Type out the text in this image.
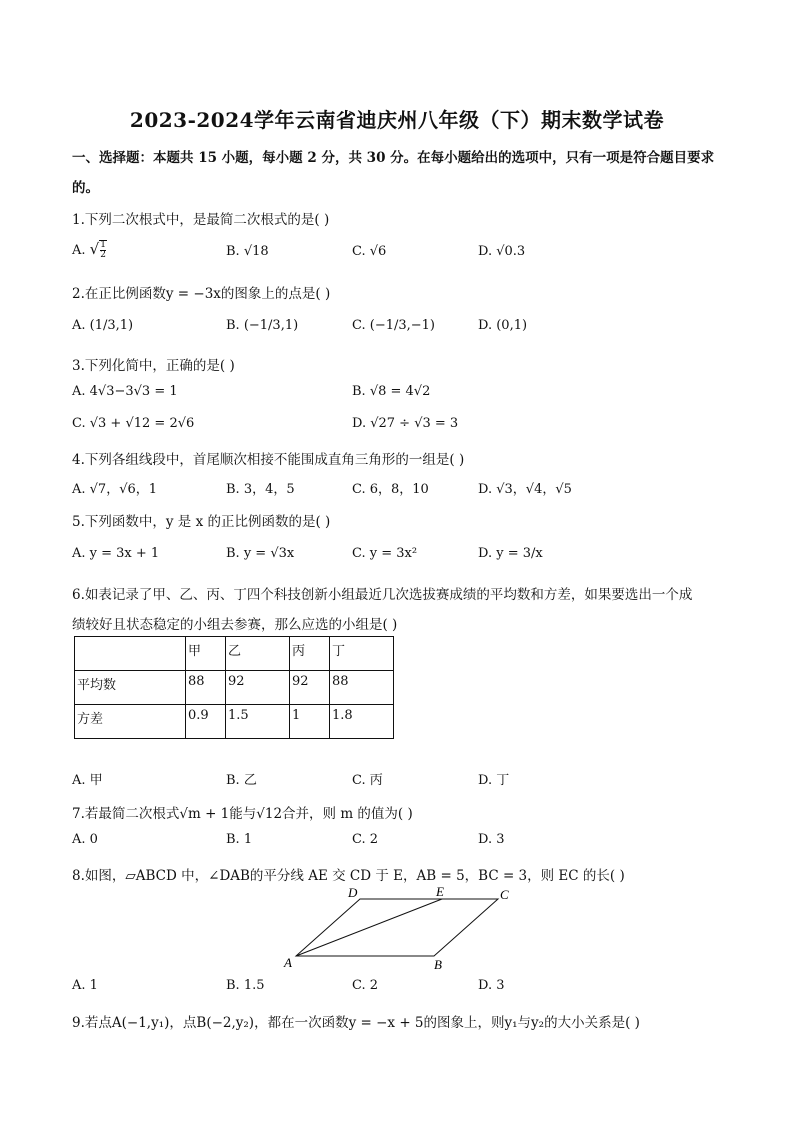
2023-2024学年云南省迪庆州八年级（下）期末数学试卷
一、选择题：本题共 15 小题，每小题 2 分，共 30 分。在每小题给出的选项中，只有一项是符合题目要求
的。
1.下列二次根式中，是最简二次根式的是( )
A. √ $\frac{1}{2}$	B. √18	C. √6	D. √0.3
2.在正比例函数y = −3x的图象上的点是( )
A. (1/3,1)	B. (−1/3,1)	C. (−1/3,−1)	D. (0,1)
3.下列化简中，正确的是( )
A. 4√3−3√3 = 1	B. √8 = 4√2
C. √3 + √12 = 2√6	D. √27 ÷ √3 = 3
4.下列各组线段中，首尾顺次相接不能围成直角三角形的一组是( )
A. √7，√6，1	B. 3，4，5	C. 6，8，10	D. √3，√4，√5
5.下列函数中，y 是 x 的正比例函数的是( )
A. y = 3x + 1	B. y = √3x	C. y = 3x²	D. y = 3/x
6.如表记录了甲、乙、丙、丁四个科技创新小组最近几次选拔赛成绩的平均数和方差，如果要选出一个成
绩较好且状态稳定的小组去参赛，那么应选的小组是( )
	甲	乙	丙	丁
平均数	88	92	92	88
方差	0.9	1.5	1	1.8
A. 甲	B. 乙	C. 丙	D. 丁
7.若最简二次根式√m + 1能与√12合并，则 m 的值为( )
A. 0	B. 1	C. 2	D. 3
8.如图，▱ABCD 中，∠DAB的平分线 AE 交 CD 于 E，AB = 5，BC = 3，则 EC 的长( )
A	B
C
D	E
A. 1	B. 1.5	C. 2	D. 3
9.若点A(−1,y₁)，点B(−2,y₂)，都在一次函数y = −x + 5的图象上，则y₁与y₂的大小关系是( )
